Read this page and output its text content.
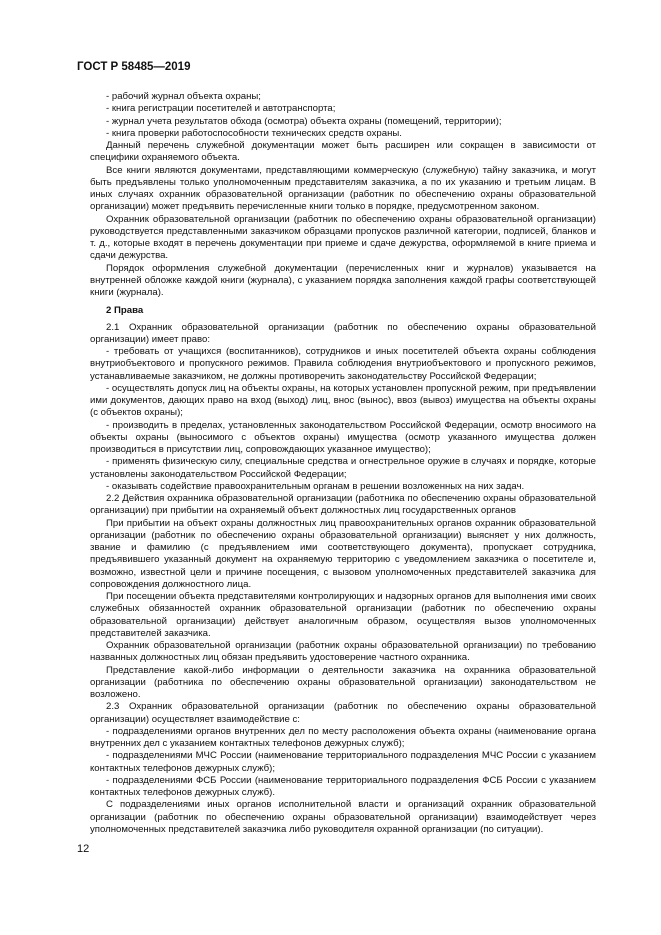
ГОСТ Р 58485—2019

- рабочий журнал объекта охраны;

- книга регистрации посетителей и автотранспорта;

- журнал учета результатов обхода (осмотра) объекта охраны (помещений, территории);

- книга проверки работоспособности технических средств охраны.

Данный перечень служебной документации может быть расширен или сокращен в зависимости от специфики охраняемого объекта.

Все книги являются документами, представляющими коммерческую (служебную) тайну заказчика, и могут быть предъявлены только уполномоченным представителям заказчика, а по их указанию и третьим лицам. В иных случаях охранник образовательной организации (работник по обеспечению охраны образовательной организации) может предъявить перечисленные книги только в порядке, предусмотренном законом.

Охранник образовательной организации (работник по обеспечению охраны образовательной организации) руководствуется представленными заказчиком образцами пропусков различной категории, подписей, бланков и т. д., которые входят в перечень документации при приеме и сдаче дежурства, оформляемой в книге приема и сдачи дежурства.

Порядок оформления служебной документации (перечисленных книг и журналов) указывается на внутренней обложке каждой книги (журнала), с указанием порядка заполнения каждой графы соответствующей книги (журнала).

2 Права

2.1 Охранник образовательной организации (работник по обеспечению охраны образовательной организации) имеет право:

- требовать от учащихся (воспитанников), сотрудников и иных посетителей объекта охраны соблюдения внутриобъектового и пропускного режимов. Правила соблюдения внутриобъектового и пропускного режимов, устанавливаемые заказчиком, не должны противоречить законодательству Российской Федерации;

- осуществлять допуск лиц на объекты охраны, на которых установлен пропускной режим, при предъявлении ими документов, дающих право на вход (выход) лиц, внос (вынос), ввоз (вывоз) имущества на объекты охраны (с объектов охраны);

- производить в пределах, установленных законодательством Российской Федерации, осмотр вносимого на объекты охраны (выносимого с объектов охраны) имущества (осмотр указанного имущества должен производиться в присутствии лиц, сопровождающих указанное имущество);

- применять физическую силу, специальные средства и огнестрельное оружие в случаях и порядке, которые установлены законодательством Российской Федерации;

- оказывать содействие правоохранительным органам в решении возложенных на них задач.

2.2 Действия охранника образовательной организации (работника по обеспечению охраны образовательной организации) при прибытии на охраняемый объект должностных лиц государственных органов

При прибытии на объект охраны должностных лиц правоохранительных органов охранник образовательной организации (работник по обеспечению охраны образовательной организации) выясняет у них должность, звание и фамилию (с предъявлением ими соответствующего документа), пропускает сотрудника, предъявившего указанный документ на охраняемую территорию с уведомлением заказчика о посетителе и, возможно, известной цели и причине посещения, с вызовом уполномоченных представителей заказчика для сопровождения должностного лица.

При посещении объекта представителями контролирующих и надзорных органов для выполнения ими своих служебных обязанностей охранник образовательной организации (работник по обеспечению охраны образовательной организации) действует аналогичным образом, осуществляя вызов уполномоченных представителей заказчика.

Охранник образовательной организации (работник охраны образовательной организации) по требованию названных должностных лиц обязан предъявить удостоверение частного охранника.

Представление какой-либо информации о деятельности заказчика на охранника образовательной организации (работника по обеспечению охраны образовательной организации) законодательством не возложено.

2.3 Охранник образовательной организации (работник по обеспечению охраны образовательной организации) осуществляет взаимодействие с:

- подразделениями органов внутренних дел по месту расположения объекта охраны (наименование органа внутренних дел с указанием контактных телефонов дежурных служб);

- подразделениями МЧС России (наименование территориального подразделения МЧС России с указанием контактных телефонов дежурных служб);

- подразделениями ФСБ России (наименование территориального подразделения ФСБ России с указанием контактных телефонов дежурных служб).

С подразделениями иных органов исполнительной власти и организаций охранник образовательной организации (работник по обеспечению охраны образовательной организации) взаимодействует через уполномоченных представителей заказчика либо руководителя охранной организации (по ситуации).

12
